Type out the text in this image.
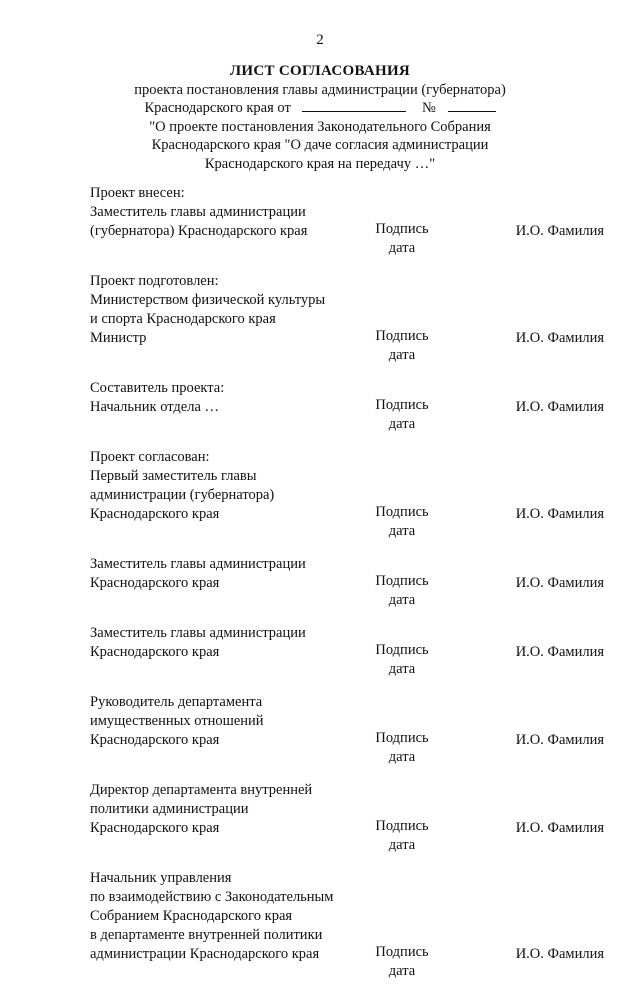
2
ЛИСТ СОГЛАСОВАНИЯ
проекта постановления главы администрации (губернатора)
Краснодарского края от	№
"О проекте постановления Законодательного Собрания
Краснодарского края "О даче согласия администрации
Краснодарского края на передачу …"
Проект внесен:
Заместитель главы администрации
(губернатора) Краснодарского края	Подпись
дата
И.О. Фамилия
Проект подготовлен:
Министерством физической культуры
и спорта Краснодарского края
Министр	Подпись
дата
И.О. Фамилия
Составитель проекта:
Начальник отдела …	Подпись
дата
И.О. Фамилия
Проект согласован:
Первый заместитель главы
администрации (губернатора)
Краснодарского края	Подпись
дата
И.О. Фамилия
Заместитель главы администрации
Краснодарского края	Подпись
дата
И.О. Фамилия
Заместитель главы администрации
Краснодарского края	Подпись
дата
И.О. Фамилия
Руководитель департамента
имущественных отношений
Краснодарского края	Подпись
дата
И.О. Фамилия
Директор департамента внутренней
политики администрации
Краснодарского края	Подпись
дата
И.О. Фамилия
Начальник управления
по взаимодействию с Законодательным
Собранием Краснодарского края
в департаменте внутренней политики
администрации Краснодарского края	Подпись
дата
И.О. Фамилия
